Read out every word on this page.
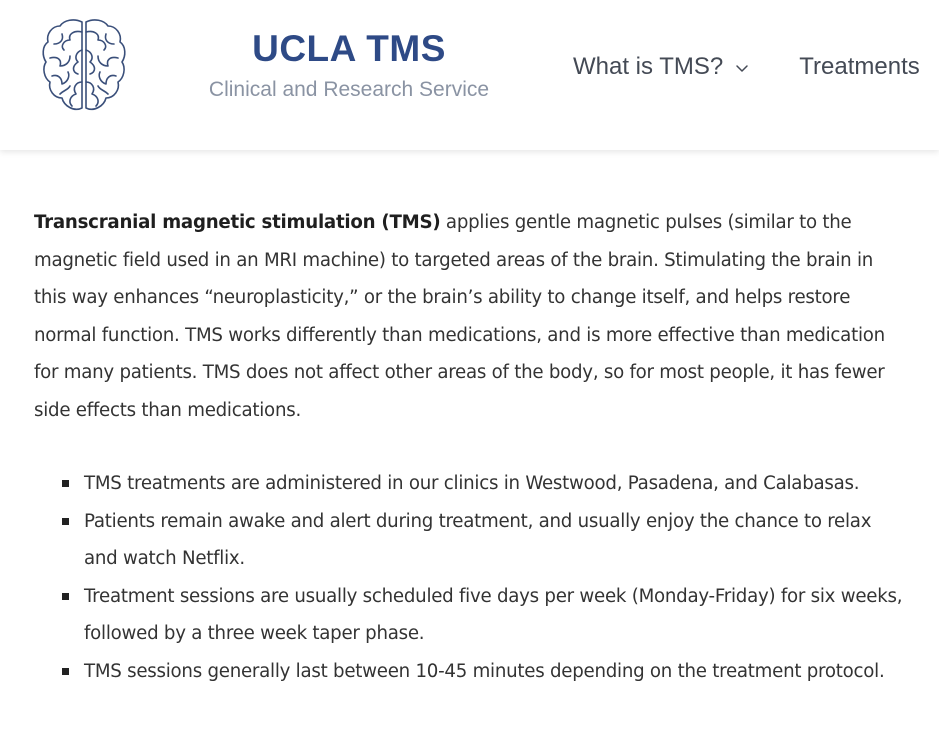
UCLA TMS
Clinical and Research Service
What is TMS?	Treatments

Transcranial magnetic stimulation (TMS) applies gentle magnetic pulses (similar to the magnetic field used in an MRI machine) to targeted areas of the brain. Stimulating the brain in this way enhances “neuroplasticity,” or the brain’s ability to change itself, and helps restore normal function. TMS works differently than medications, and is more effective than medication for many patients. TMS does not affect other areas of the body, so for most people, it has fewer side effects than medications.

TMS treatments are administered in our clinics in Westwood, Pasadena, and Calabasas.
Patients remain awake and alert during treatment, and usually enjoy the chance to relax and watch Netflix.
Treatment sessions are usually scheduled five days per week (Monday-Friday) for six weeks, followed by a three week taper phase.
TMS sessions generally last between 10-45 minutes depending on the treatment protocol.
